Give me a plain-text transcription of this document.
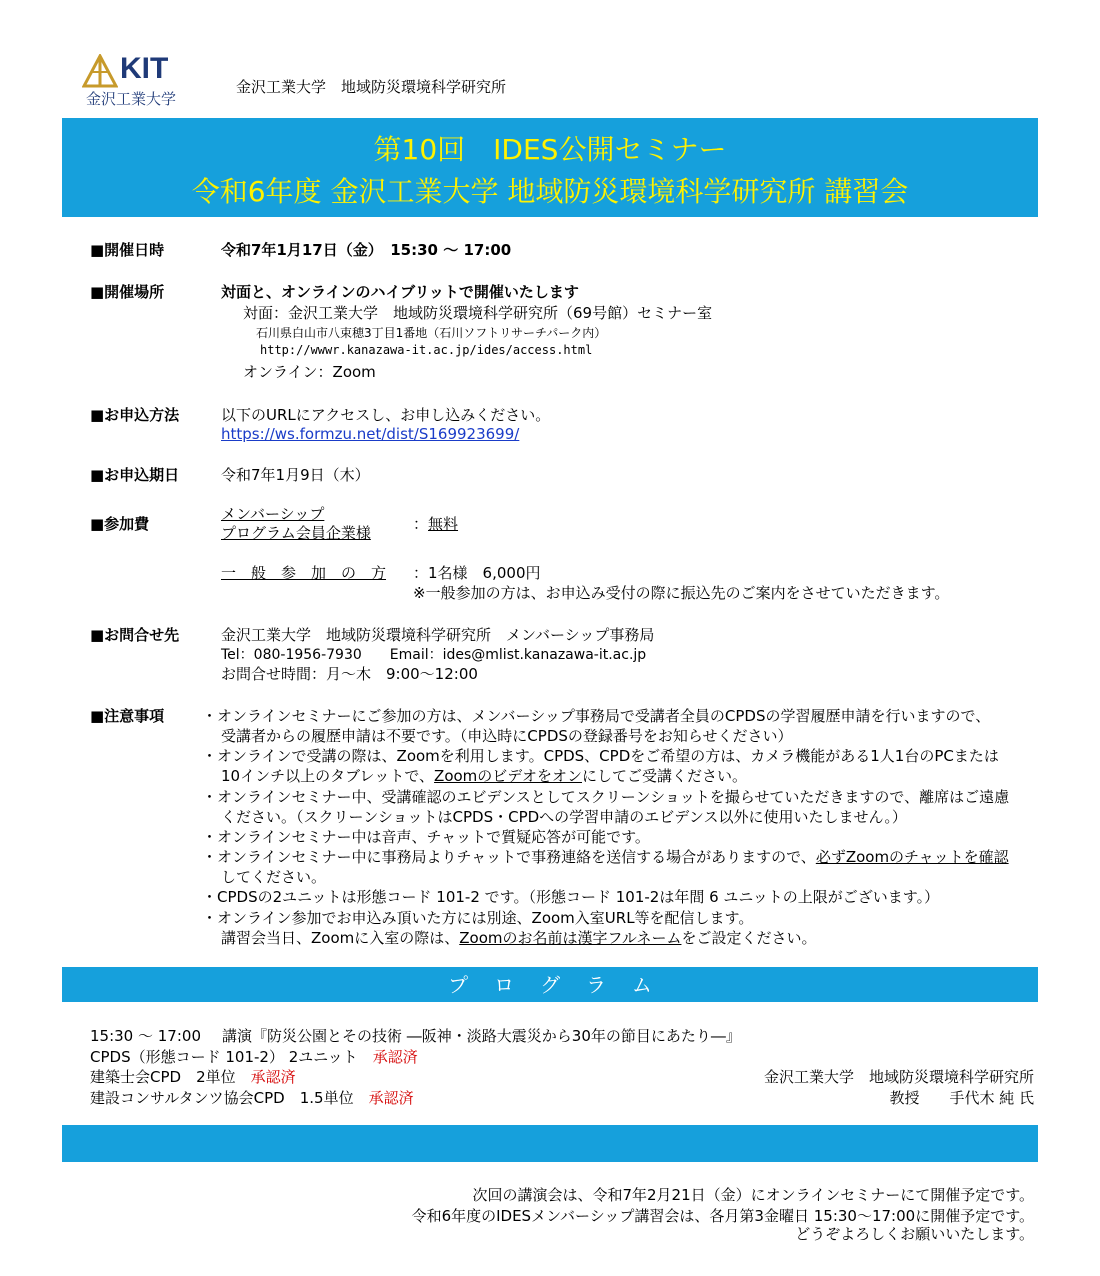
KIT
金沢工業大学
金沢工業大学　地域防災環境科学研究所
第10回　IDES公開セミナー
令和6年度 金沢工業大学 地域防災環境科学研究所 講習会
■開催日時	令和7年1月17日（金）　15:30 ～ 17:00
■開催場所	対面と、オンラインのハイブリットで開催いたします
対面：金沢工業大学　地域防災環境科学研究所（69号館）セミナー室
石川県白山市八束穂3丁目1番地（石川ソフトリサーチパーク内）
http://wwwr.kanazawa-it.ac.jp/ides/access.html
オンライン：Zoom
■お申込方法	以下のURLにアクセスし、お申し込みください。
https://ws.formzu.net/dist/S169923699/
■お申込期日	令和7年1月9日（木）
■参加費
メンバーシップ
プログラム会員企業様	：無料
一　般　参　加　の　方 ：1名様　6,000円
※一般参加の方は、お申込み受付の際に振込先のご案内をさせていただきます。
■お問合せ先	金沢工業大学　地域防災環境科学研究所　メンバーシップ事務局
Tel：080-1956-7930　　Email：ides@mlist.kanazawa-it.ac.jp
お問合せ時間：月～木　9:00～12:00
■注意事項	・オンラインセミナーにご参加の方は、メンバーシップ事務局で受講者全員のCPDSの学習履歴申請を行いますので、
受講者からの履歴申請は不要です。（申込時にCPDSの登録番号をお知らせください）
・オンラインで受講の際は、Zoomを利用します。CPDS、CPDをご希望の方は、カメラ機能がある1人1台のPCまたは
10インチ以上のタブレットで、Zoomのビデオをオンにしてご受講ください。
・オンラインセミナー中、受講確認のエビデンスとしてスクリーンショットを撮らせていただきますので、離席はご遠慮
ください。（スクリーンショットはCPDS・CPDへの学習申請のエビデンス以外に使用いたしません。）
・オンラインセミナー中は音声、チャットで質疑応答が可能です。
・オンラインセミナー中に事務局よりチャットで事務連絡を送信する場合がありますので、必ずZoomのチャットを確認
してください。
・CPDSの2ユニットは形態コード 101-2 です。（形態コード 101-2は年間 6 ユニットの上限がございます。）
・オンライン参加でお申込み頂いた方には別途、Zoom入室URL等を配信します。
講習会当日、Zoomに入室の際は、Zoomのお名前は漢字フルネームをご設定ください。
プログラム
15:30 ～ 17:00 講演『防災公園とその技術 ―阪神・淡路大震災から30年の節目にあたり―』
CPDS（形態コード 101-2） 2ユニット　 承認済
建築士会CPD　2単位　 承認済
建設コンサルタンツ協会CPD　1.5単位　 承認済
金沢工業大学　地域防災環境科学研究所
教授　　手代木 純 氏
次回の講演会は、令和7年2月21日（金）にオンラインセミナーにて開催予定です。
令和6年度のIDESメンバーシップ講習会は、各月第3金曜日 15:30～17:00に開催予定です。
どうぞよろしくお願いいたします。
